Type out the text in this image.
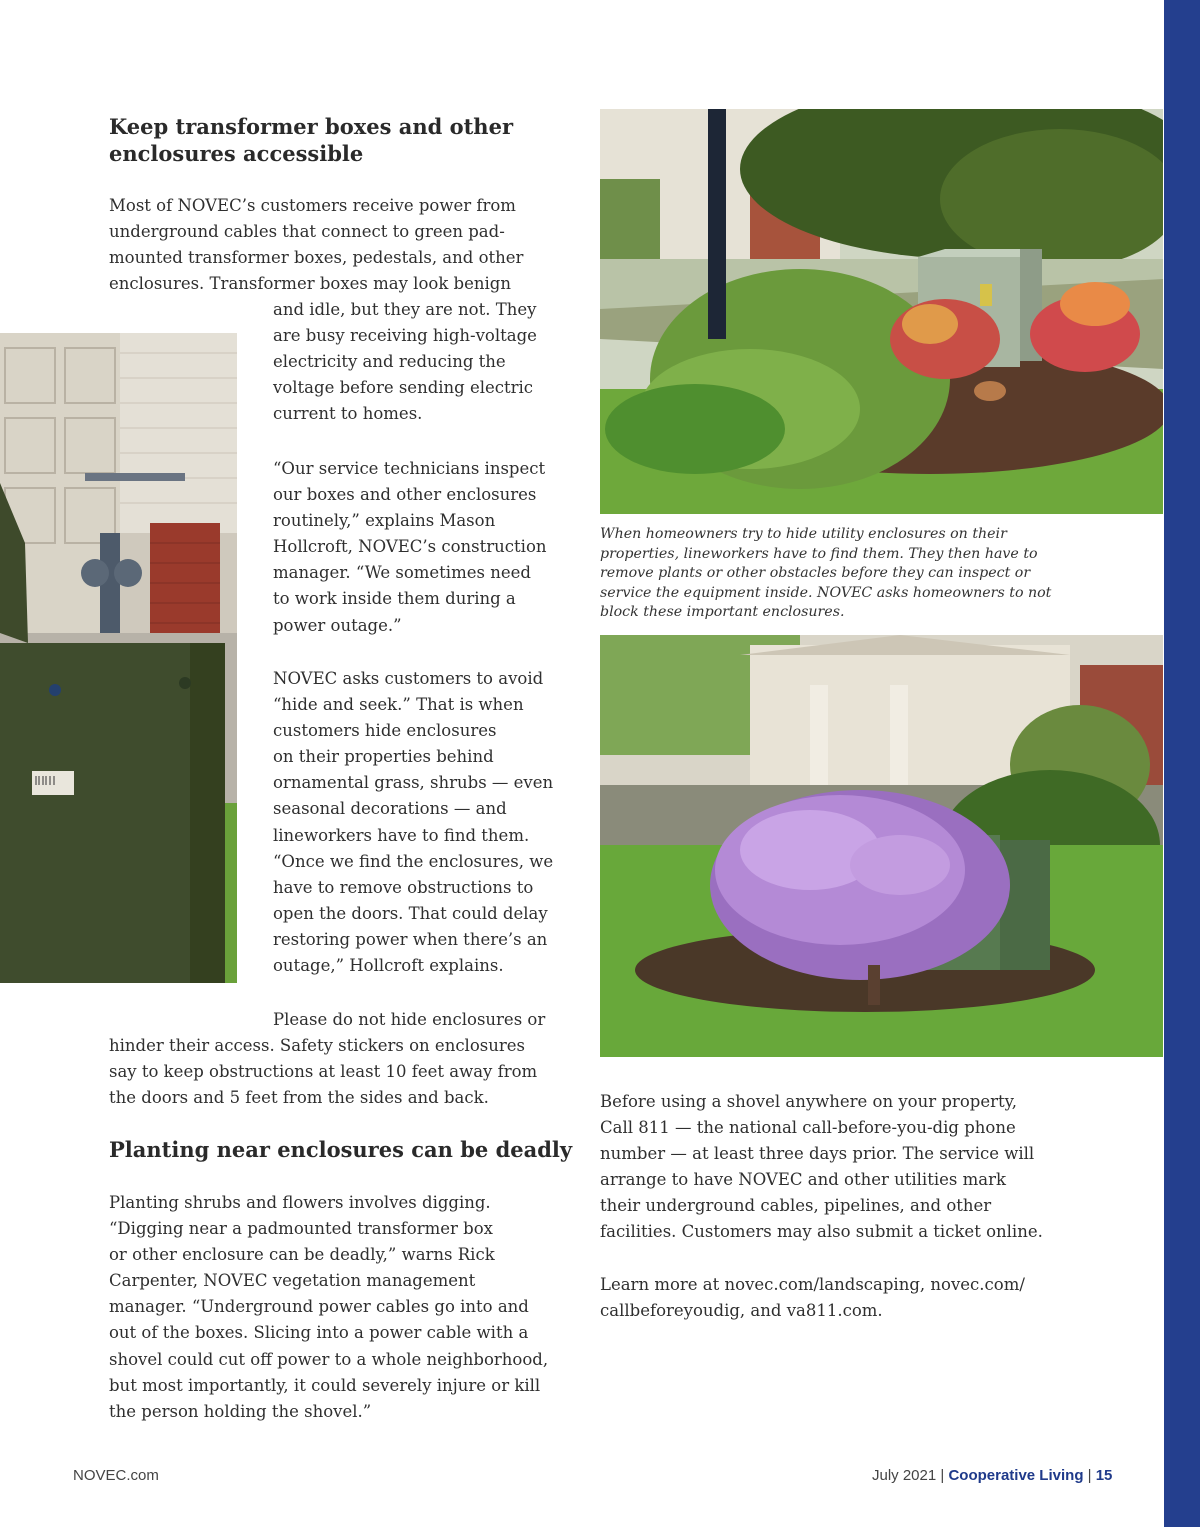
Keep transformer boxes and other enclosures accessible

Most of NOVEC’s customers receive power from

underground cables that connect to green pad-

mounted transformer boxes, pedestals, and other

enclosures. Transformer boxes may look benign

and idle, but they are not. They

are busy receiving high-voltage

electricity and reducing the

voltage before sending electric

current to homes.

“Our service technicians inspect

our boxes and other enclosures

routinely,” explains Mason

Hollcroft, NOVEC’s construction

manager. “We sometimes need

to work inside them during a

power outage.”

NOVEC asks customers to avoid

“hide and seek.” That is when

customers hide enclosures

on their properties behind

ornamental grass, shrubs — even

seasonal decorations — and

lineworkers have to find them.

“Once we find the enclosures, we

have to remove obstructions to

open the doors. That could delay

restoring power when there’s an

outage,” Hollcroft explains.

Please do not hide enclosures or

hinder their access. Safety stickers on enclosures

say to keep obstructions at least 10 feet away from

the doors and 5 feet from the sides and back.

Planting near enclosures can be deadly

Planting shrubs and flowers involves digging.

“Digging near a padmounted transformer box

or other enclosure can be deadly,” warns Rick

Carpenter, NOVEC vegetation management

manager. “Underground power cables go into and

out of the boxes. Slicing into a power cable with a

shovel could cut off power to a whole neighborhood,

but most importantly, it could severely injure or kill

the person holding the shovel.”

When homeowners try to hide utility enclosures on their
properties, lineworkers have to find them. They then have to
remove plants or other obstacles before they can inspect or
service the equipment inside. NOVEC asks homeowners to not
block these important enclosures.

Before using a shovel anywhere on your property,

Call 811 — the national call-before-you-dig phone

number — at least three days prior. The service will

arrange to have NOVEC and other utilities mark

their underground cables, pipelines, and other

facilities. Customers may also submit a ticket online.

Learn more at novec.com/landscaping, novec.com/

callbeforeyoudig, and va811.com.

NOVEC.com	July 2021 | Cooperative Living | 15
